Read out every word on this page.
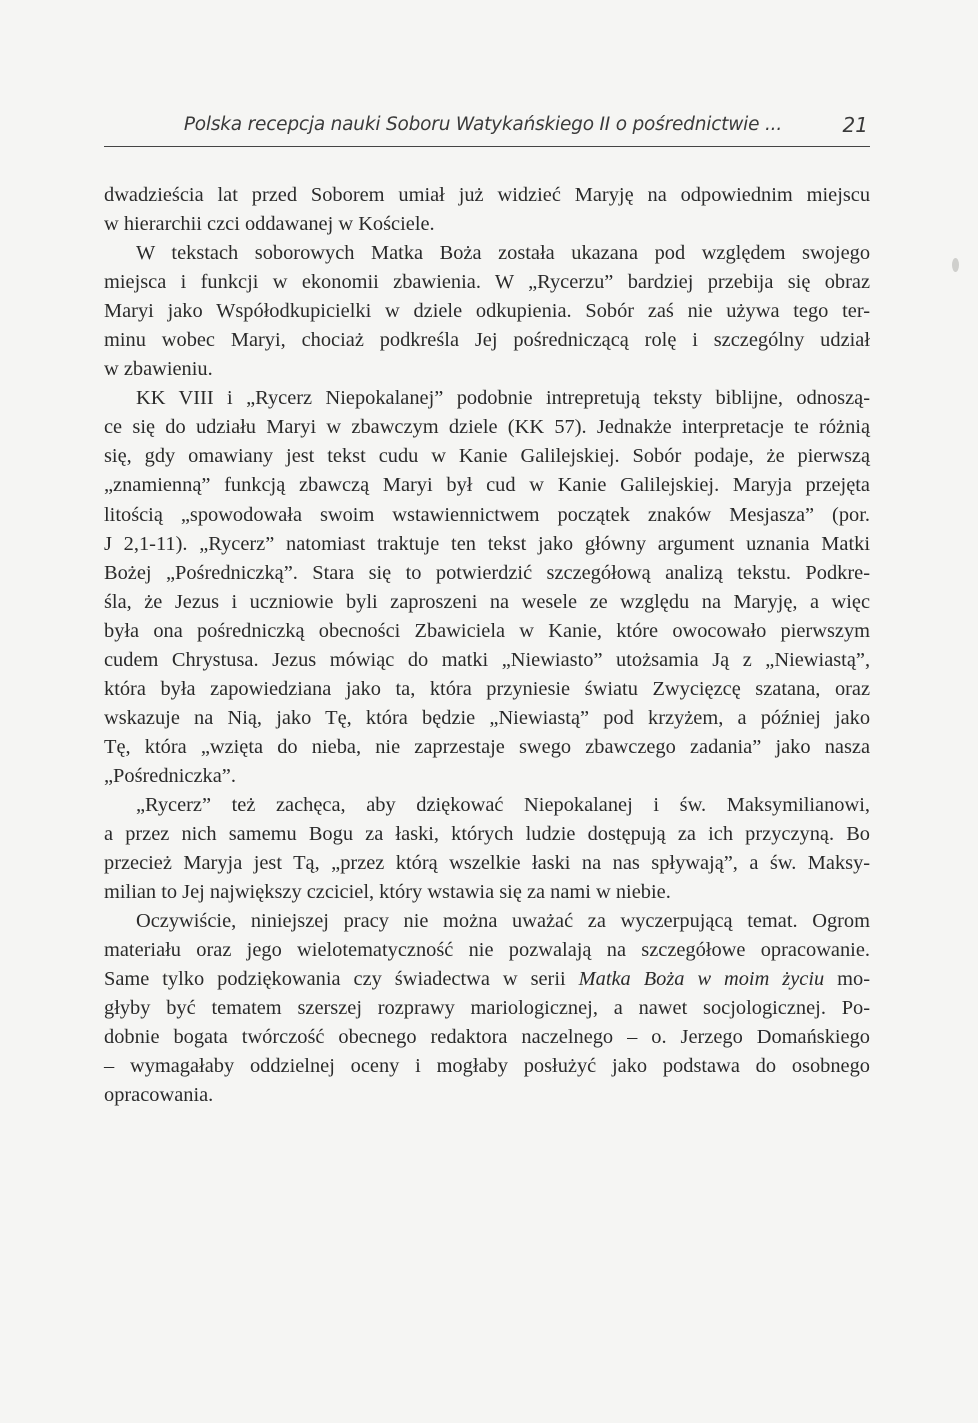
Polska recepcja nauki Soboru Watykańskiego II o pośrednictwie ...	21
dwadzieścia lat przed Soborem umiał już widzieć Maryję na odpowiednim miejscu
w hierarchii czci oddawanej w Kościele.
W tekstach soborowych Matka Boża została ukazana pod względem swojego
miejsca i funkcji w ekonomii zbawienia. W „Rycerzu” bardziej przebija się obraz
Maryi jako Współodkupicielki w dziele odkupienia. Sobór zaś nie używa tego ter-
minu wobec Maryi, chociaż podkreśla Jej pośredniczącą rolę i szczególny udział
w zbawieniu.
KK VIII i „Rycerz Niepokalanej” podobnie intrepretują teksty biblijne, odnoszą-
ce się do udziału Maryi w zbawczym dziele (KK 57). Jednakże interpretacje te różnią
się, gdy omawiany jest tekst cudu w Kanie Galilejskiej. Sobór podaje, że pierwszą
„znamienną” funkcją zbawczą Maryi był cud w Kanie Galilejskiej. Maryja przejęta
litością „spowodowała swoim wstawiennictwem początek znaków Mesjasza” (por.
J 2,1-11). „Rycerz” natomiast traktuje ten tekst jako główny argument uznania Matki
Bożej „Pośredniczką”. Stara się to potwierdzić szczegółową analizą tekstu. Podkre-
śla, że Jezus i uczniowie byli zaproszeni na wesele ze względu na Maryję, a więc
była ona pośredniczką obecności Zbawiciela w Kanie, które owocowało pierwszym
cudem Chrystusa. Jezus mówiąc do matki „Niewiasto” utożsamia Ją z „Niewiastą”,
która była zapowiedziana jako ta, która przyniesie światu Zwycięzcę szatana, oraz
wskazuje na Nią, jako Tę, która będzie „Niewiastą” pod krzyżem, a później jako
Tę, która „wzięta do nieba, nie zaprzestaje swego zbawczego zadania” jako nasza
„Pośredniczka”.
„Rycerz” też zachęca, aby dziękować Niepokalanej i św. Maksymilianowi,
a przez nich samemu Bogu za łaski, których ludzie dostępują za ich przyczyną. Bo
przecież Maryja jest Tą, „przez którą wszelkie łaski na nas spływają”, a św. Maksy-
milian to Jej największy czciciel, który wstawia się za nami w niebie.
Oczywiście, niniejszej pracy nie można uważać za wyczerpującą temat. Ogrom
materiału oraz jego wielotematyczność nie pozwalają na szczegółowe opracowanie.
Same tylko podziękowania czy świadectwa w serii Matka Boża w moim życiu mo-
głyby być tematem szerszej rozprawy mariologicznej, a nawet socjologicznej. Po-
dobnie bogata twórczość obecnego redaktora naczelnego – o. Jerzego Domańskiego
– wymagałaby oddzielnej oceny i mogłaby posłużyć jako podstawa do osobnego
opracowania.
